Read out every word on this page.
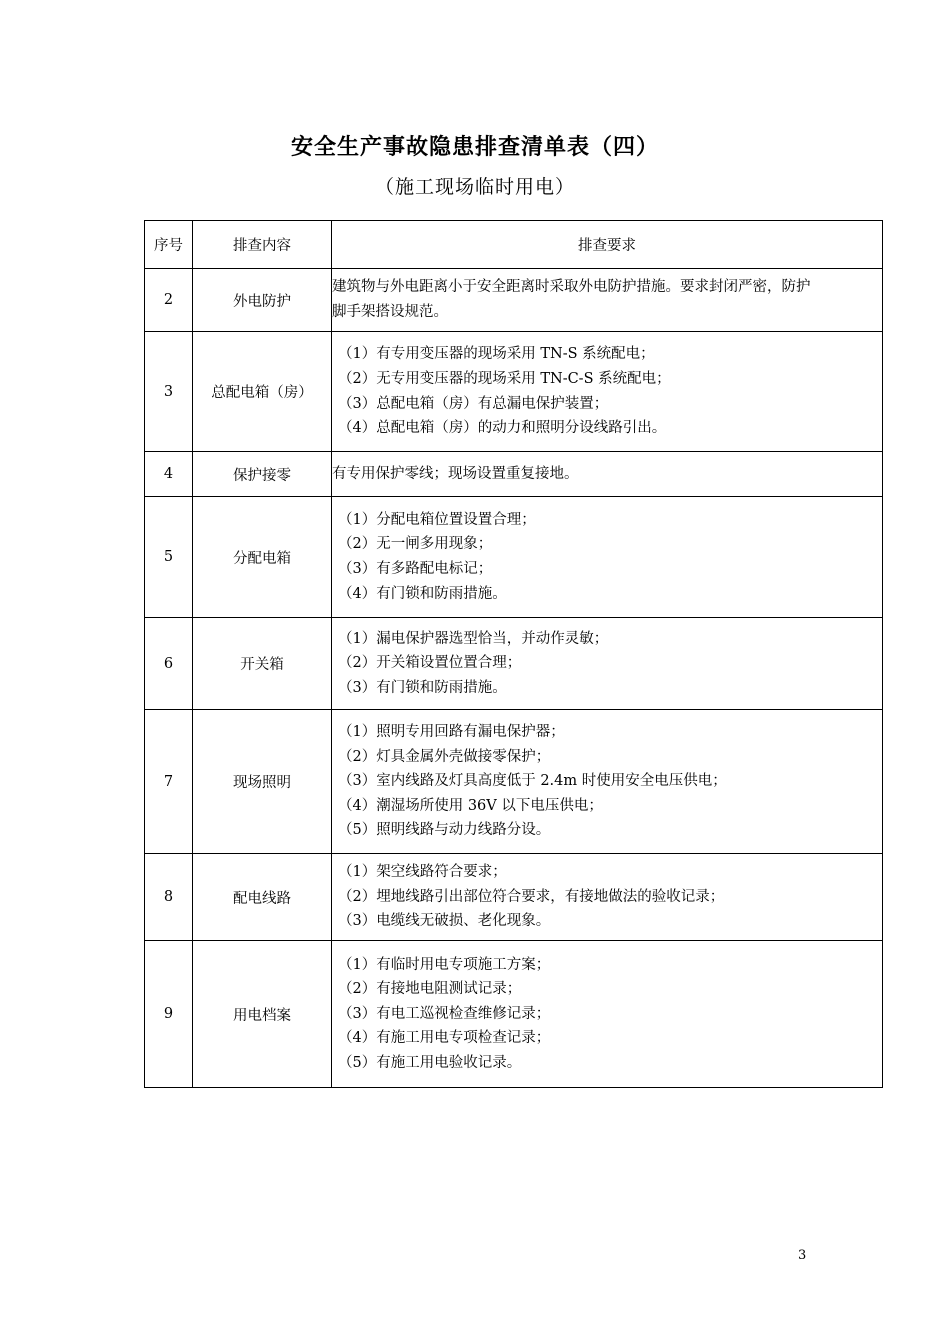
安全生产事故隐患排查清单表（四）
（施工现场临时用电）
序号	排查内容	排查要求
2	外电防护	建筑物与外电距离小于安全距离时采取外电防护措施。要求封闭严密，防护
脚手架搭设规范。

3	总配电箱（房）	（1）有专用变压器的现场采用 TN-S 系统配电；
（2）无专用变压器的现场采用 TN-C-S 系统配电；
（3）总配电箱（房）有总漏电保护装置；
（4）总配电箱（房）的动力和照明分设线路引出。

4	保护接零	有专用保护零线；现场设置重复接地。

5	分配电箱	（1）分配电箱位置设置合理；
（2）无一闸多用现象；
（3）有多路配电标记；
（4）有门锁和防雨措施。

6	开关箱	（1）漏电保护器选型恰当，并动作灵敏；
（2）开关箱设置位置合理；
（3）有门锁和防雨措施。

7	现场照明	（1）照明专用回路有漏电保护器；
（2）灯具金属外壳做接零保护；
（3）室内线路及灯具高度低于 2.4m 时使用安全电压供电；
（4）潮湿场所使用 36V 以下电压供电；
（5）照明线路与动力线路分设。

8	配电线路	（1）架空线路符合要求；
（2）埋地线路引出部位符合要求，有接地做法的验收记录；
（3）电缆线无破损、老化现象。

9	用电档案	（1）有临时用电专项施工方案；
（2）有接地电阻测试记录；
（3）有电工巡视检查维修记录；
（4）有施工用电专项检查记录；
（5）有施工用电验收记录。
3
